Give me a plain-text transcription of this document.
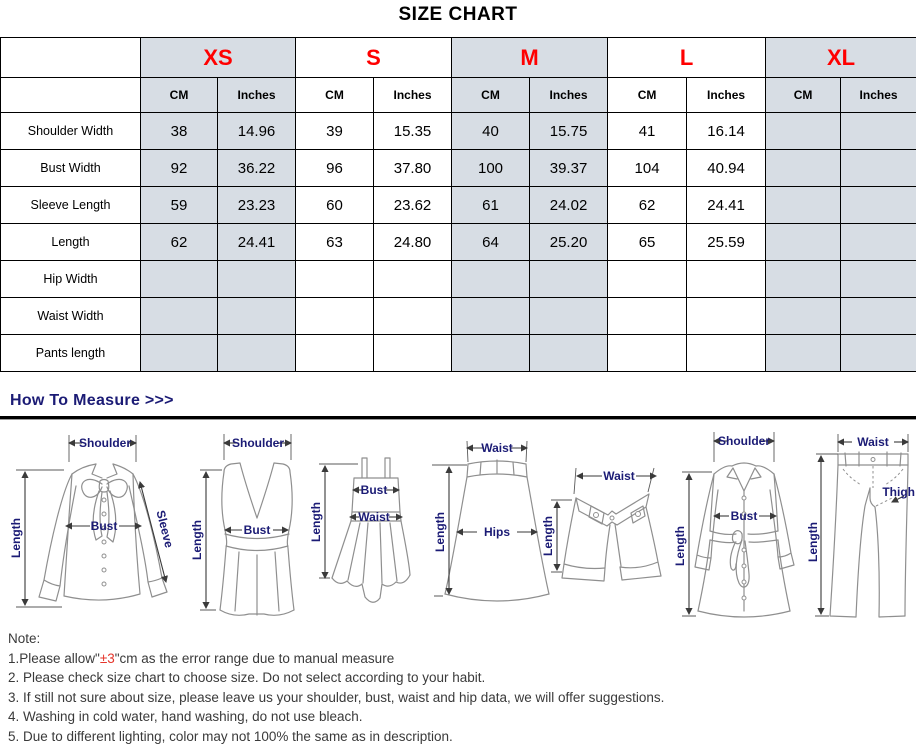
SIZE CHART
	XS		S		M		L		XL	
	CM	Inches	CM	Inches	CM	Inches	CM	Inches	CM	Inches
Shoulder Width	38	14.96	39	15.35	40	15.75	41	16.14		
Bust Width	92	36.22	96	37.80	100	39.37	104	40.94		
Sleeve Length	59	23.23	60	23.62	61	24.02	62	24.41		
Length	62	24.41	63	24.80	64	25.20	65	25.59		
Hip Width										
Waist Width										
Pants length										
How To Measure >>>
Shoulder
Length	Bust	Sleeve
Shoulder
Length	Bust	Length
Bust
Waist
Waist
Length	Hips
Waist
Length
Shoulder
Bust
Length
Waist
Length
Thigh
Note:
1.Please allow"±3"cm as the error range due to manual measure
2. Please check size chart to choose size. Do not select according to your habit.
3. If still not sure about size, please leave us your shoulder, bust, waist and hip data, we will offer suggestions.
4. Washing in cold water, hand washing, do not use bleach.
5. Due to different lighting, color may not 100% the same as in description.
